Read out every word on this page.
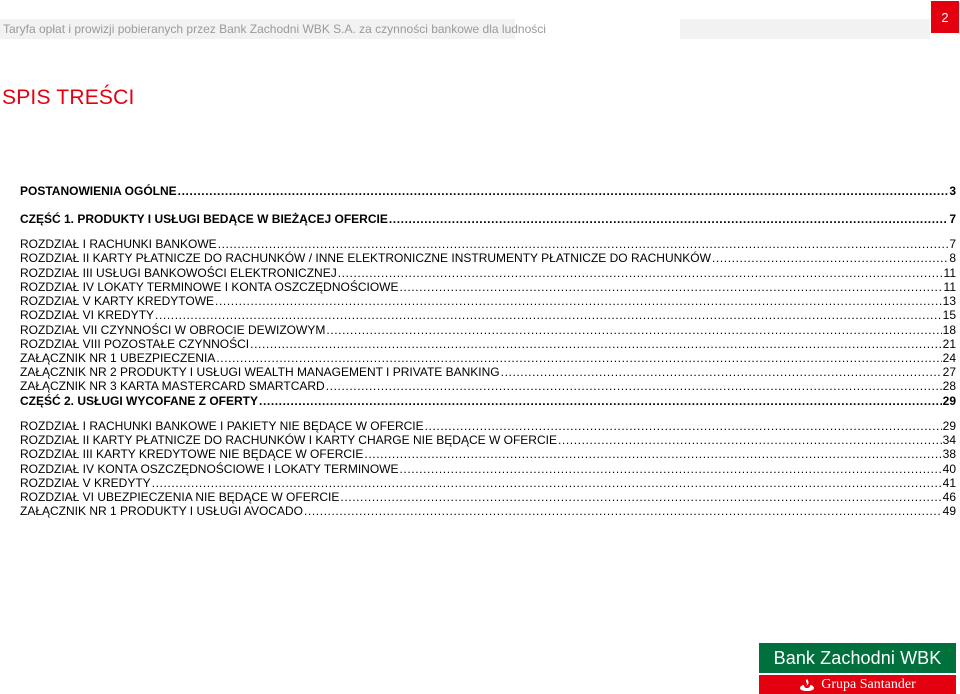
Taryfa opłat i prowizji pobieranych przez Bank Zachodni WBK S.A. za czynności bankowe dla ludności
2
SPIS TREŚCI
POSTANOWIENIA OGÓLNE .....	3
CZĘŚĆ 1. PRODUKTY I USŁUGI BEDĄCE W BIEŻĄCEJ OFERCIE .....	7
ROZDZIAŁ I RACHUNKI BANKOWE .....	7
ROZDZIAŁ II KARTY PŁATNICZE DO RACHUNKÓW / INNE ELEKTRONICZNE INSTRUMENTY PŁATNICZE DO RACHUNKÓW .....	8
ROZDZIAŁ III USŁUGI BANKOWOŚCI ELEKTRONICZNEJ .....	11
ROZDZIAŁ IV LOKATY TERMINOWE I KONTA OSZCZĘDNOŚCIOWE .....	11
ROZDZIAŁ V KARTY KREDYTOWE .....	13
ROZDZIAŁ VI KREDYTY .....	15
ROZDZIAŁ VII CZYNNOŚCI W OBROCIE DEWIZOWYM .....	18
ROZDZIAŁ VIII POZOSTAŁE CZYNNOŚCI .....	21
ZAŁĄCZNIK NR 1 UBEZPIECZENIA .....	24
ZAŁĄCZNIK NR 2 PRODUKTY I USŁUGI WEALTH MANAGEMENT I PRIVATE BANKING .....	27
ZAŁĄCZNIK NR 3 KARTA MASTERCARD SMARTCARD .....	28
CZĘŚĆ 2. USŁUGI WYCOFANE Z OFERTY .....	29
ROZDZIAŁ I RACHUNKI BANKOWE I PAKIETY NIE BĘDĄCE W OFERCIE .....	29
ROZDZIAŁ II KARTY PŁATNICZE DO RACHUNKÓW I KARTY CHARGE NIE BĘDĄCE W OFERCIE .....	34
ROZDZIAŁ III KARTY KREDYTOWE NIE BĘDĄCE W OFERCIE .....	38
ROZDZIAŁ IV KONTA OSZCZĘDNOŚCIOWE I LOKATY TERMINOWE .....	40
ROZDZIAŁ V KREDYTY .....	41
ROZDZIAŁ VI UBEZPIECZENIA NIE BĘDĄCE W OFERCIE .....	46
ZAŁĄCZNIK NR 1 PRODUKTY I USŁUGI AVOCADO .....	49
Bank Zachodni WBK
Grupa Santander
